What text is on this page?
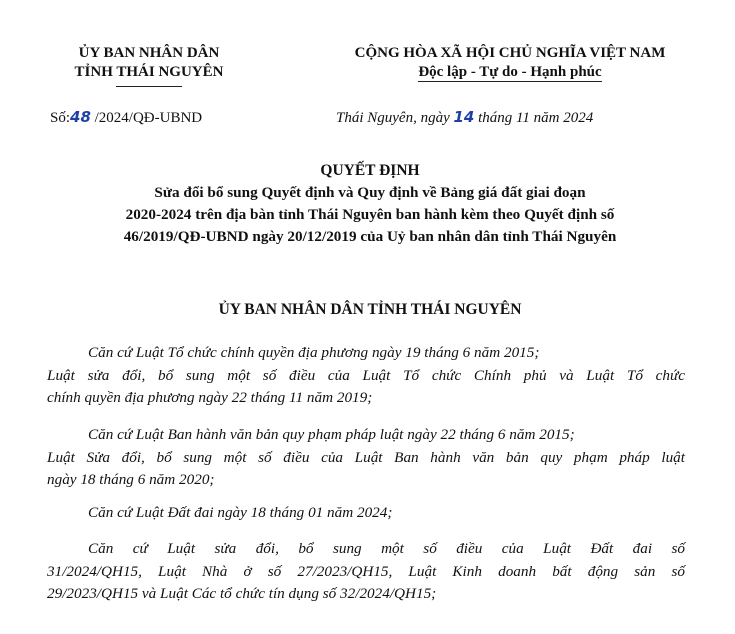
ỦY BAN NHÂN DÂN
TỈNH THÁI NGUYÊN
CỘNG HÒA XÃ HỘI CHỦ NGHĨA VIỆT NAM
Độc lập - Tự do - Hạnh phúc
Số:48 /2024/QĐ-UBND	Thái Nguyên, ngày 14 tháng 11 năm 2024
QUYẾT ĐỊNH
Sửa đổi bổ sung Quyết định và Quy định về Bảng giá đất giai đoạn
2020-2024 trên địa bàn tỉnh Thái Nguyên ban hành kèm theo Quyết định số
46/2019/QĐ-UBND ngày 20/12/2019 của Uỷ ban nhân dân tỉnh Thái Nguyên
ỦY BAN NHÂN DÂN TỈNH THÁI NGUYÊN
Căn cứ Luật Tổ chức chính quyền địa phương ngày 19 tháng 6 năm 2015;
Luật sửa đổi, bổ sung một số điều của Luật Tổ chức Chính phủ và Luật Tổ chức
chính quyền địa phương ngày 22 tháng 11 năm 2019;
Căn cứ Luật Ban hành văn bản quy phạm pháp luật ngày 22 tháng 6 năm 2015;
Luật Sửa đổi, bổ sung một số điều của Luật Ban hành văn bản quy phạm pháp luật
ngày 18 tháng 6 năm 2020;
Căn cứ Luật Đất đai ngày 18 tháng 01 năm 2024;
Căn cứ Luật sửa đổi, bổ sung một số điều của Luật Đất đai số
31/2024/QH15, Luật Nhà ở số 27/2023/QH15, Luật Kinh doanh bất động sản số
29/2023/QH15 và Luật Các tổ chức tín dụng số 32/2024/QH15;
